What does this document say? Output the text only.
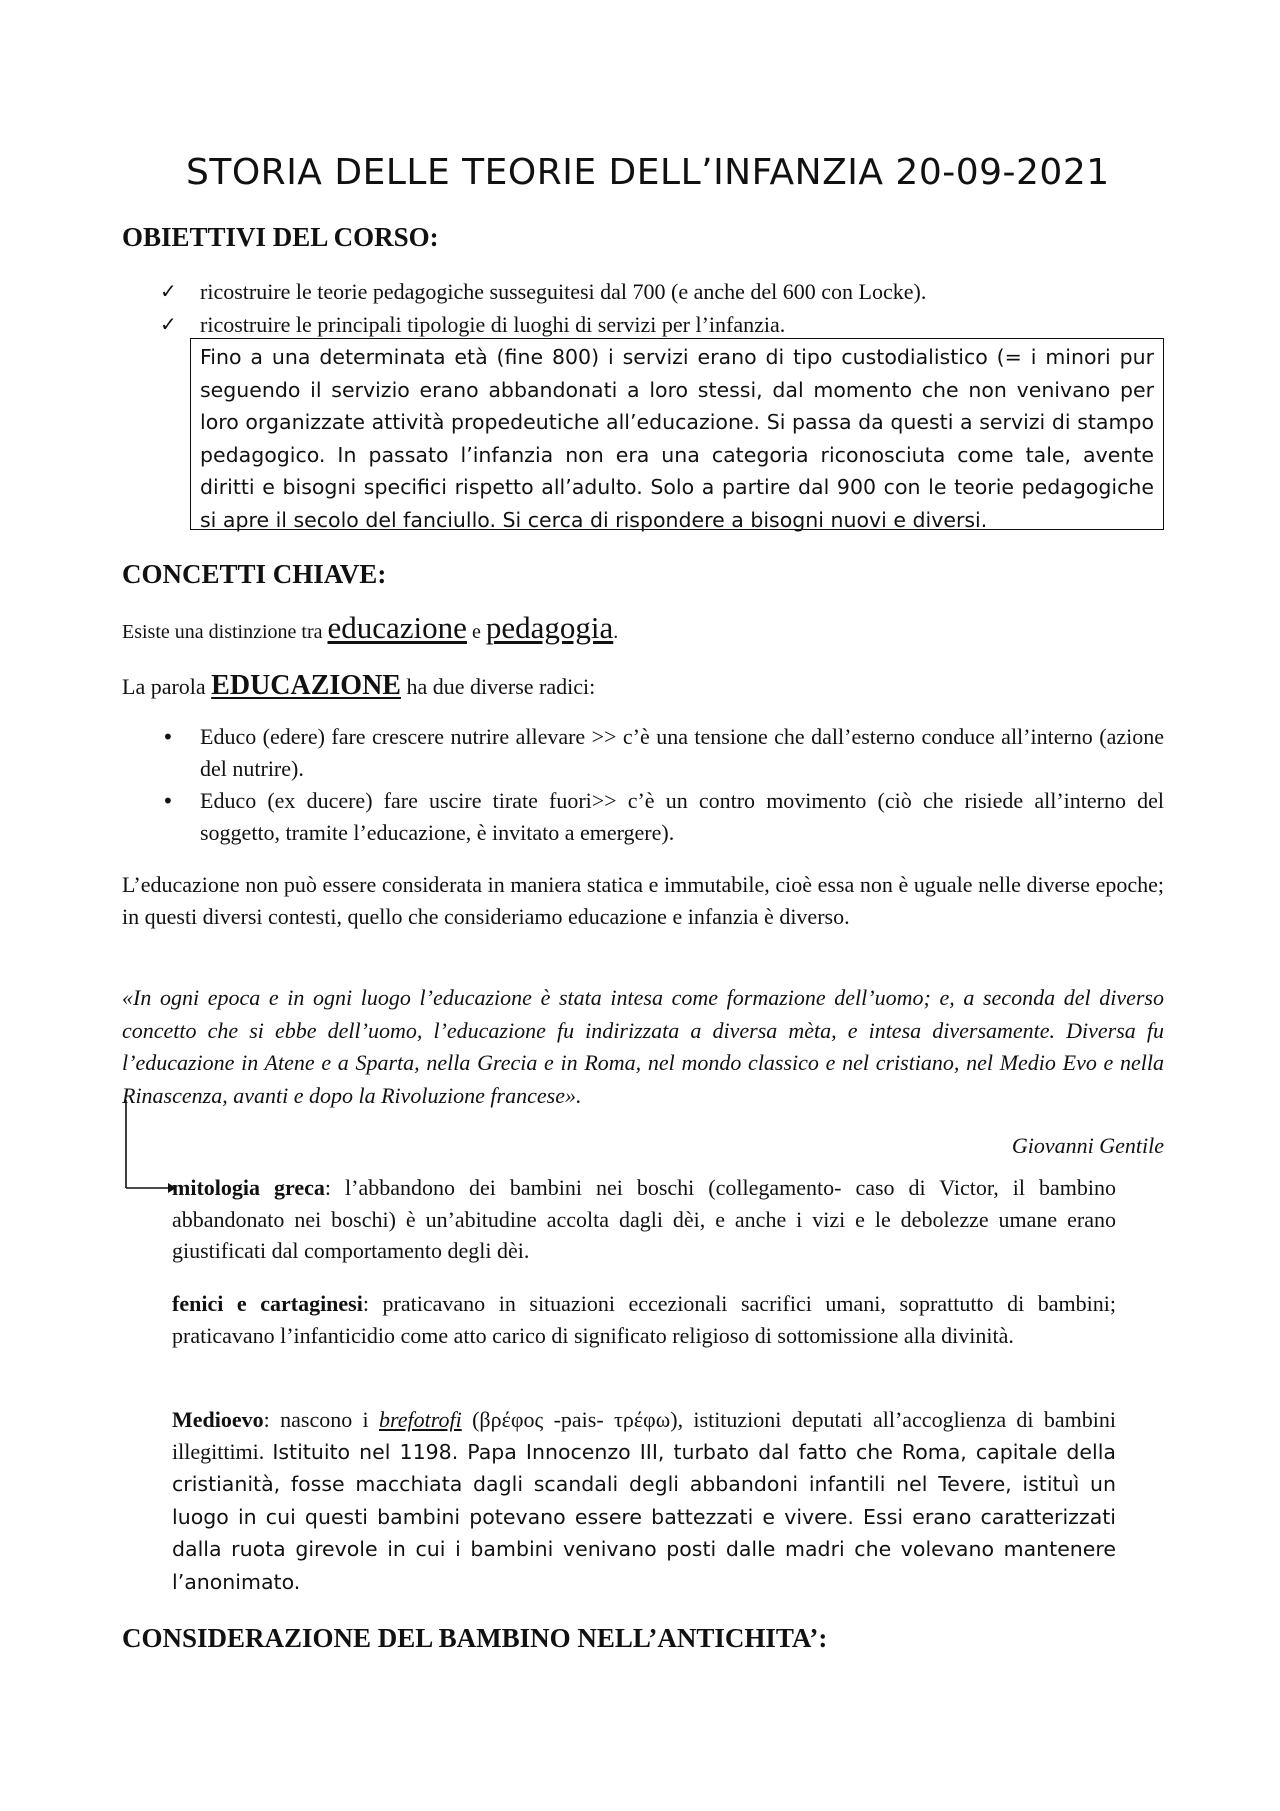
STORIA DELLE TEORIE DELL’INFANZIA 20-09-2021
OBIETTIVI DEL CORSO:
✓ ricostruire le teorie pedagogiche susseguitesi dal 700 (e anche del 600 con Locke).
✓ ricostruire le principali tipologie di luoghi di servizi per l’infanzia.
Fino a una determinata età (fine 800) i servizi erano di tipo custodialistico (= i minori pur seguendo il servizio erano abbandonati a loro stessi, dal momento che non venivano per loro organizzate attività propedeutiche all’educazione. Si passa da questi a servizi di stampo pedagogico. In passato l’infanzia non era una categoria riconosciuta come tale, avente diritti e bisogni specifici rispetto all’adulto. Solo a partire dal 900 con le teorie pedagogiche si apre il secolo del fanciullo. Si cerca di rispondere a bisogni nuovi e diversi.
CONCETTI CHIAVE:
Esiste una distinzione tra educazione e pedagogia.
La parola EDUCAZIONE ha due diverse radici:
• Educo (edere) fare crescere nutrire allevare >> c’è una tensione che dall’esterno conduce all’interno (azione del nutrire).
• Educo (ex ducere) fare uscire tirate fuori>> c’è un contro movimento (ciò che risiede all’interno del soggetto, tramite l’educazione, è invitato a emergere).
L’educazione non può essere considerata in maniera statica e immutabile, cioè essa non è uguale nelle diverse epoche; in questi diversi contesti, quello che consideriamo educazione e infanzia è diverso.
«In ogni epoca e in ogni luogo l’educazione è stata intesa come formazione dell’uomo; e, a seconda del diverso concetto che si ebbe dell’uomo, l’educazione fu indirizzata a diversa mèta, e intesa diversamente. Diversa fu l’educazione in Atene e a Sparta, nella Grecia e in Roma, nel mondo classico e nel cristiano, nel Medio Evo e nella Rinascenza, avanti e dopo la Rivoluzione francese».
Giovanni Gentile
mitologia greca: l’abbandono dei bambini nei boschi (collegamento- caso di Victor, il bambino abbandonato nei boschi) è un’abitudine accolta dagli dèi, e anche i vizi e le debolezze umane erano giustificati dal comportamento degli dèi.
fenici e cartaginesi: praticavano in situazioni eccezionali sacrifici umani, soprattutto di bambini; praticavano l’infanticidio come atto carico di significato religioso di sottomissione alla divinità.
Medioevo: nascono i brefotrofi (βρέφος -pais- τρέφω), istituzioni deputati all’accoglienza di bambini illegittimi. Istituito nel 1198. Papa Innocenzo III, turbato dal fatto che Roma, capitale della cristianità, fosse macchiata dagli scandali degli abbandoni infantili nel Tevere, istituì un luogo in cui questi bambini potevano essere battezzati e vivere. Essi erano caratterizzati dalla ruota girevole in cui i bambini venivano posti dalle madri che volevano mantenere l’anonimato.
CONSIDERAZIONE DEL BAMBINO NELL’ANTICHITA’:
